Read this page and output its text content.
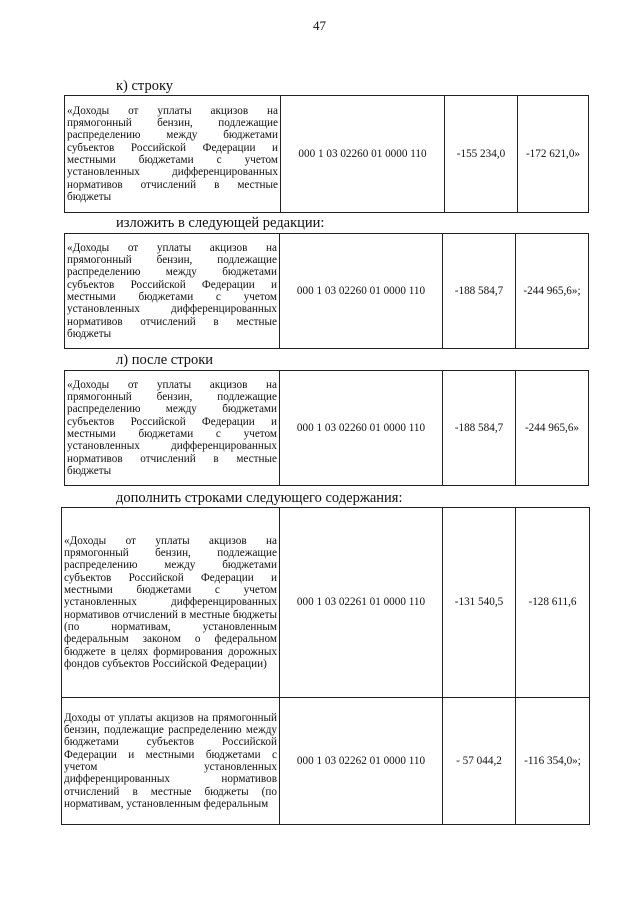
47
к) строку
«Доходы от уплаты акцизов на прямогонный бензин, подлежащие распределению между бюджетами субъектов Российской Федерации и местными бюджетами с учетом установленных дифференцированных нормативов отчислений в местные бюджеты	000 1 03 02260 01 0000 110	-155 234,0	-172 621,0»
изложить в следующей редакции:
«Доходы от уплаты акцизов на прямогонный бензин, подлежащие распределению между бюджетами субъектов Российской Федерации и местными бюджетами с учетом установленных дифференцированных нормативов отчислений в местные бюджеты	000 1 03 02260 01 0000 110	-188 584,7	-244 965,6»;
л) после строки
«Доходы от уплаты акцизов на прямогонный бензин, подлежащие распределению между бюджетами субъектов Российской Федерации и местными бюджетами с учетом установленных дифференцированных нормативов отчислений в местные бюджеты	000 1 03 02260 01 0000 110	-188 584,7	-244 965,6»
дополнить строками следующего содержания:
«Доходы от уплаты акцизов на прямогонный бензин, подлежащие распределению между бюджетами субъектов Российской Федерации и местными бюджетами с учетом установленных дифференцированных нормативов отчислений в местные бюджеты (по нормативам, установленным федеральным законом о федеральном бюджете в целях формирования дорожных фондов субъектов Российской Федерации)	000 1 03 02261 01 0000 110	-131 540,5	-128 611,6
Доходы от уплаты акцизов на прямогонный бензин, подлежащие распределению между бюджетами субъектов Российской Федерации и местными бюджетами с учетом установленных дифференцированных нормативов отчислений в местные бюджеты (по нормативам, установленным федеральным	000 1 03 02262 01 0000 110	- 57 044,2	-116 354,0»;
